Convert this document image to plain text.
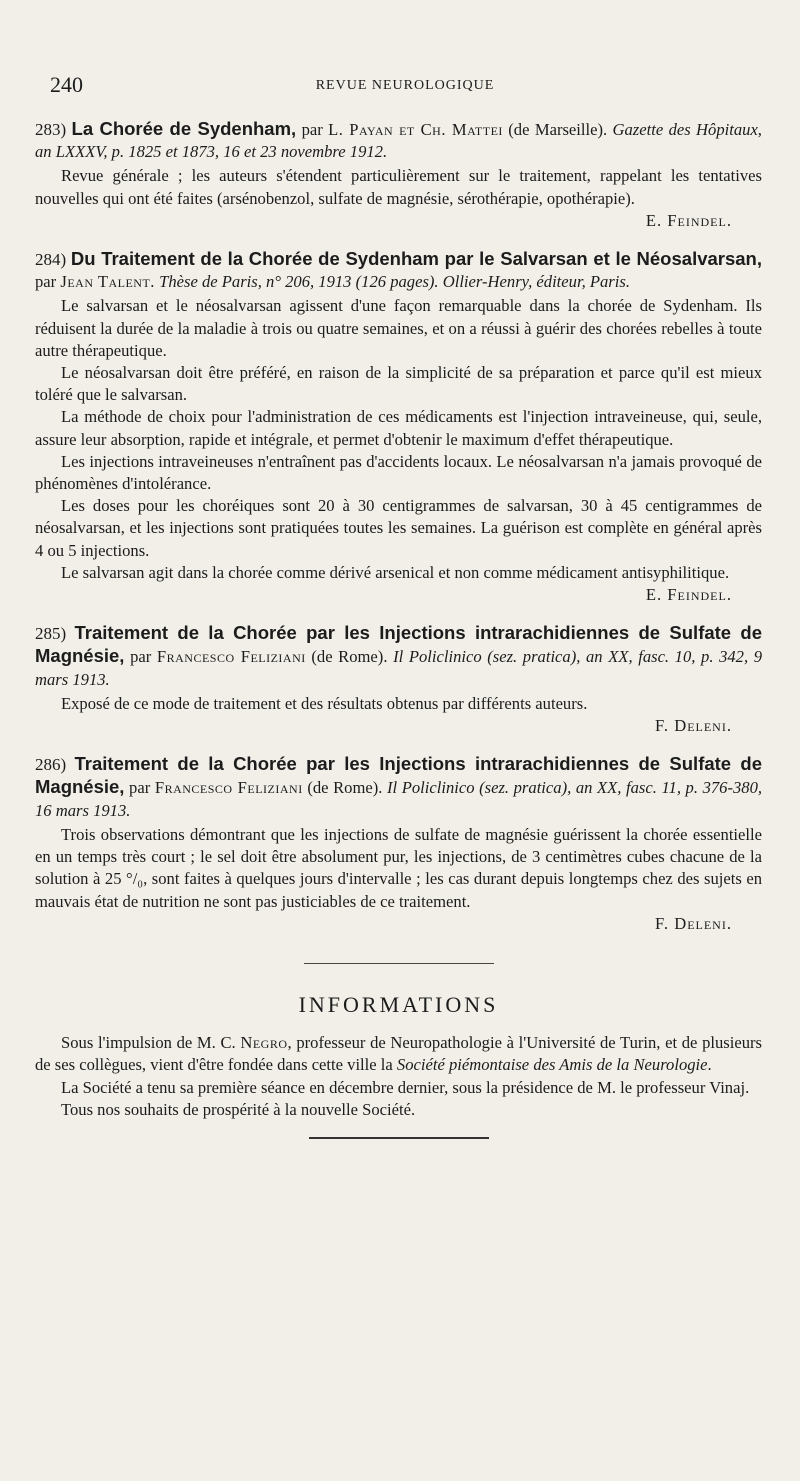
240	REVUE NEUROLOGIQUE

283) La Chorée de Sydenham, par L. Payan et Ch. Mattei (de Marseille). Gazette des Hôpitaux, an LXXXV, p. 1825 et 1873, 16 et 23 novembre 1912.

Revue générale ; les auteurs s'étendent particulièrement sur le traitement, rappelant les tentatives nouvelles qui ont été faites (arsénobenzol, sulfate de magnésie, sérothérapie, opothérapie).

E. Feindel.

284) Du Traitement de la Chorée de Sydenham par le Salvarsan et le Néosalvarsan, par Jean Talent. Thèse de Paris, n° 206, 1913 (126 pages). Ollier-Henry, éditeur, Paris.

Le salvarsan et le néosalvarsan agissent d'une façon remarquable dans la chorée de Sydenham. Ils réduisent la durée de la maladie à trois ou quatre semaines, et on a réussi à guérir des chorées rebelles à toute autre thérapeutique.

Le néosalvarsan doit être préféré, en raison de la simplicité de sa préparation et parce qu'il est mieux toléré que le salvarsan.

La méthode de choix pour l'administration de ces médicaments est l'injection intraveineuse, qui, seule, assure leur absorption, rapide et intégrale, et permet d'obtenir le maximum d'effet thérapeutique.

Les injections intraveineuses n'entraînent pas d'accidents locaux. Le néosalvarsan n'a jamais provoqué de phénomènes d'intolérance.

Les doses pour les choréiques sont 20 à 30 centigrammes de salvarsan, 30 à 45 centigrammes de néosalvarsan, et les injections sont pratiquées toutes les semaines. La guérison est complète en général après 4 ou 5 injections.

Le salvarsan agit dans la chorée comme dérivé arsenical et non comme médicament antisyphilitique.

E. Feindel.

285) Traitement de la Chorée par les Injections intrarachidiennes de Sulfate de Magnésie, par Francesco Feliziani (de Rome). Il Policlinico (sez. pratica), an XX, fasc. 10, p. 342, 9 mars 1913.

Exposé de ce mode de traitement et des résultats obtenus par différents auteurs.

F. Deleni.

286) Traitement de la Chorée par les Injections intrarachidiennes de Sulfate de Magnésie, par Francesco Feliziani (de Rome). Il Policlinico (sez. pratica), an XX, fasc. 11, p. 376-380, 16 mars 1913.

Trois observations démontrant que les injections de sulfate de magnésie guérissent la chorée essentielle en un temps très court ; le sel doit être absolument pur, les injections, de 3 centimètres cubes chacune de la solution à 25 °/₀, sont faites à quelques jours d'intervalle ; les cas durant depuis longtemps chez des sujets en mauvais état de nutrition ne sont pas justiciables de ce traitement.

F. Deleni.
INFORMATIONS

Sous l'impulsion de M. C. Negro, professeur de Neuropathologie à l'Université de Turin, et de plusieurs de ses collègues, vient d'être fondée dans cette ville la Société piémontaise des Amis de la Neurologie.

La Société a tenu sa première séance en décembre dernier, sous la présidence de M. le professeur Vinaj.

Tous nos souhaits de prospérité à la nouvelle Société.
